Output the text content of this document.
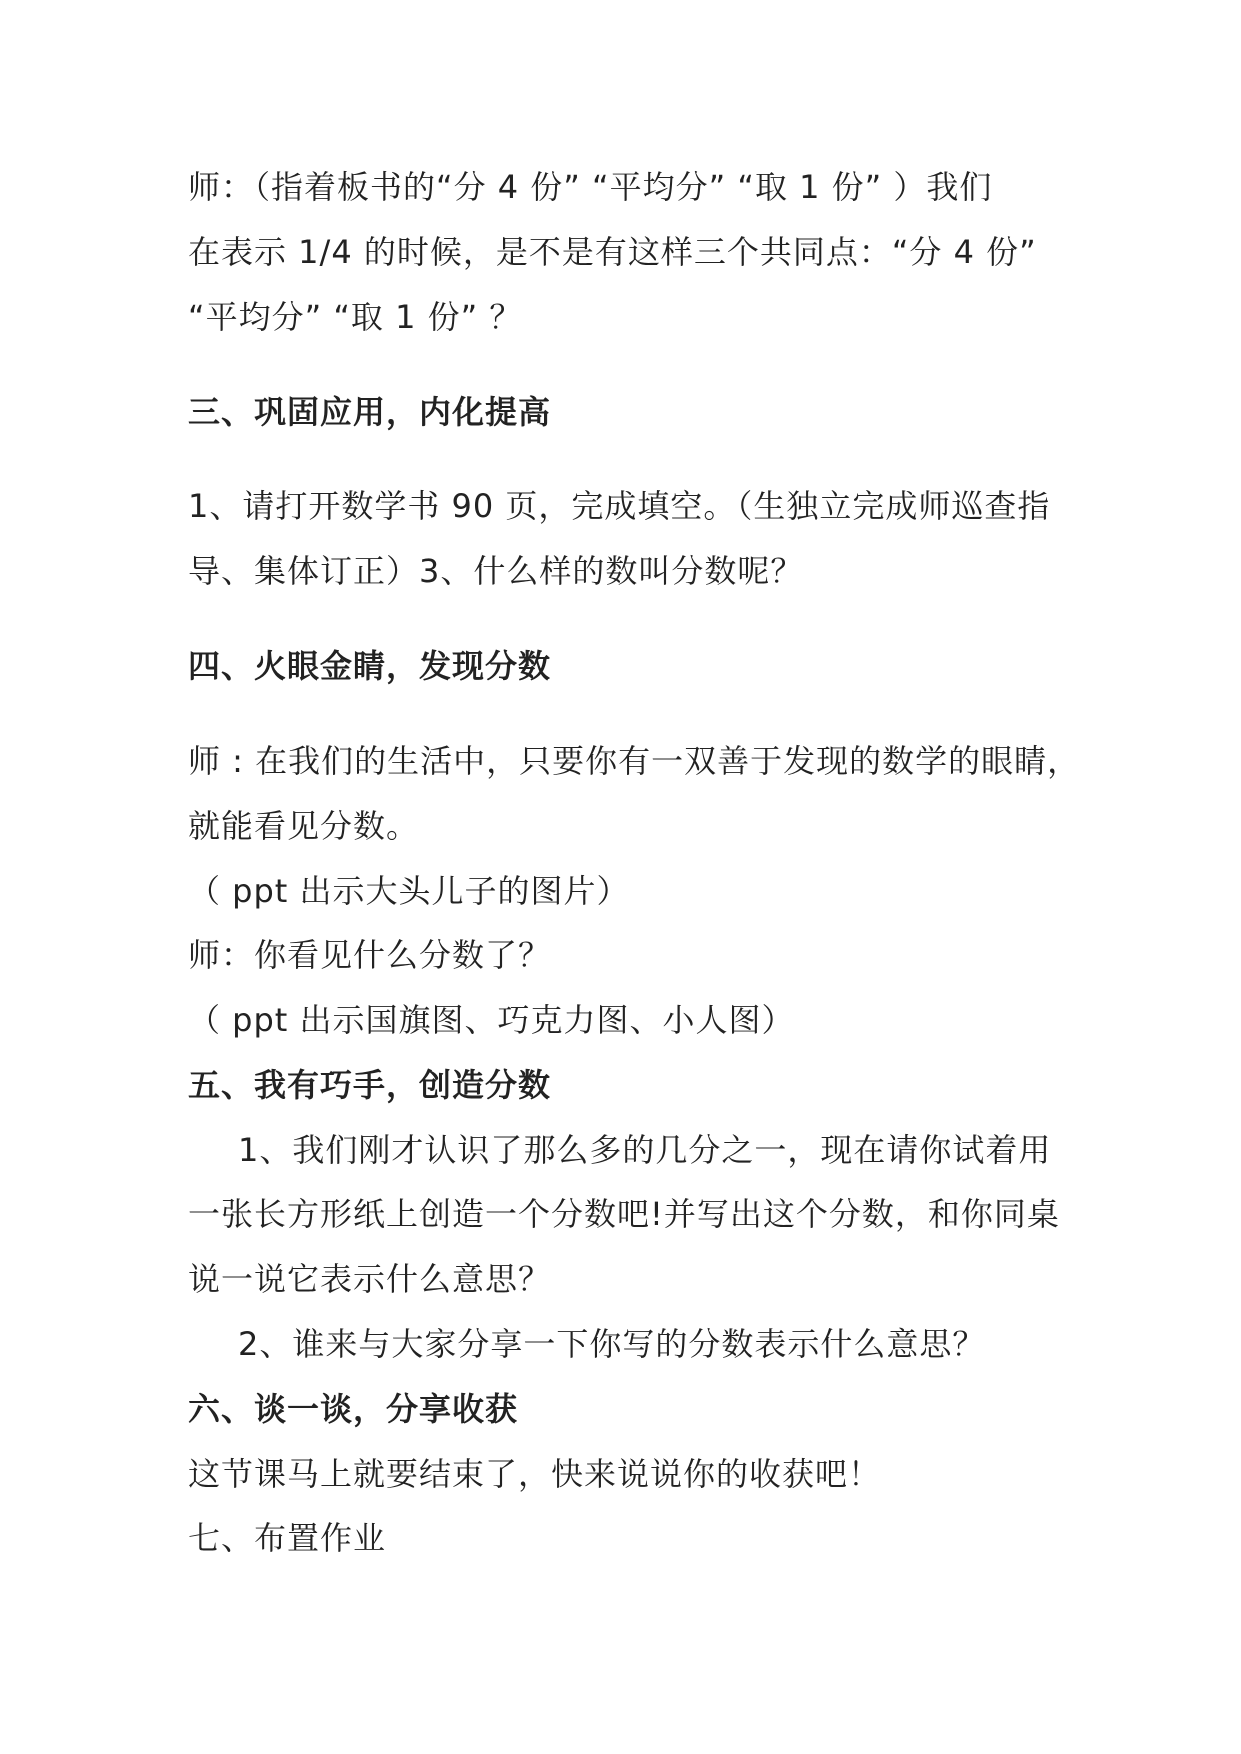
师：（指着板书的“分 4 份” “平均分” “取 1 份” ）我们
在表示 1/4 的时候，是不是有这样三个共同点：“分 4 份”
“平均分” “取 1 份” ？
三、巩固应用，内化提高
1、请打开数学书 90 页，完成填空。（生独立完成师巡查指
导、集体订正）3、什么样的数叫分数呢？
四、火眼金睛，发现分数
师 : 在我们的生活中，只要你有一双善于发现的数学的眼睛，
就能看见分数。
（ ppt 出示大头儿子的图片）
师：你看见什么分数了？
（ ppt 出示国旗图、巧克力图、小人图）
五、我有巧手，创造分数
1、我们刚才认识了那么多的几分之一，现在请你试着用
一张长方形纸上创造一个分数吧!并写出这个分数，和你同桌
说一说它表示什么意思？
2、谁来与大家分享一下你写的分数表示什么意思？
六、谈一谈，分享收获
这节课马上就要结束了，快来说说你的收获吧！
七、布置作业
